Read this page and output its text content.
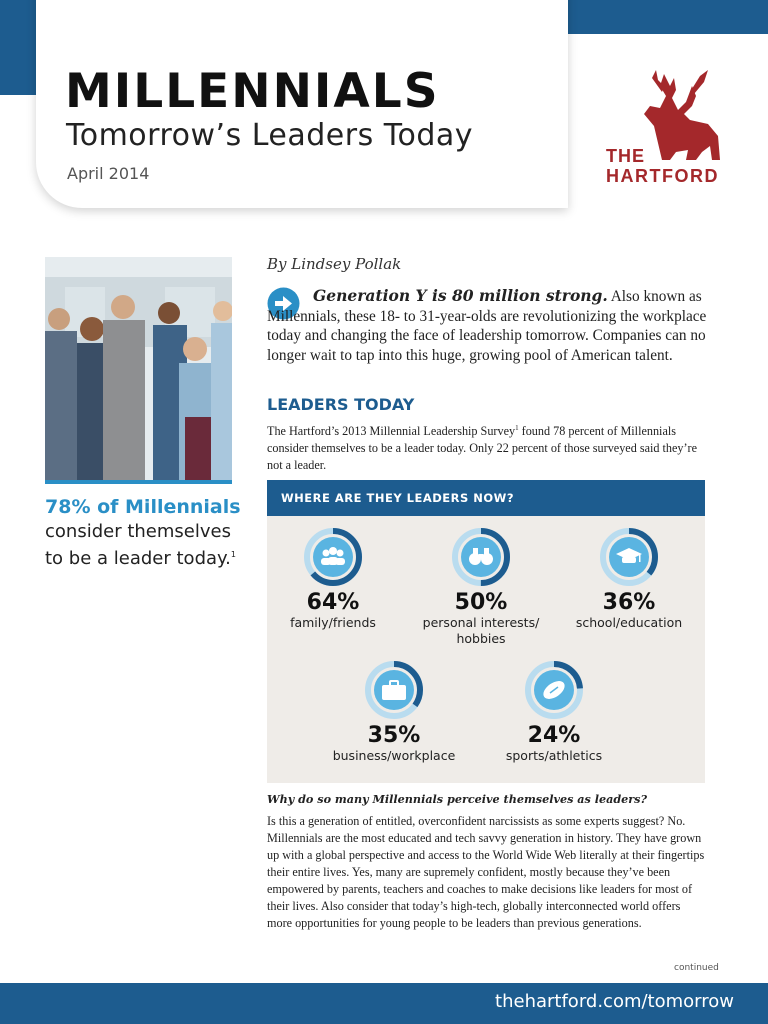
MILLENNIALS
Tomorrow’s Leaders Today
April 2014
THE
HARTFORD
78% of Millennials
consider themselves to be a leader today.$^1$
By Lindsey Pollak
Generation Y is 80 million strong. Also known as Millennials, these 18- to 31-year-olds are revolutionizing the workplace today and changing the face of leadership tomorrow. Companies can no longer wait to tap into this huge, growing pool of American talent.
LEADERS TODAY
The Hartford’s 2013 Millennial Leadership Survey$^1$ found 78 percent of Millennials consider themselves to be a leader today. Only 22 percent of those surveyed said they’re not a leader.
WHERE ARE THEY LEADERS NOW?
64%
family/friends
50%
personal interests/ hobbies
36%
school/education
35%
business/workplace
24%
sports/athletics
Why do so many Millennials perceive themselves as leaders?
Is this a generation of entitled, overconfident narcissists as some experts suggest? No. Millennials are the most educated and tech savvy generation in history. They have grown up with a global perspective and access to the World Wide Web literally at their fingertips their entire lives. Yes, many are supremely confident, mostly because they’ve been empowered by parents, teachers and coaches to make decisions like leaders for most of their lives. Also consider that today’s high-tech, globally interconnected world offers more opportunities for young people to be leaders than previous generations.
continued
thehartford.com/tomorrow
